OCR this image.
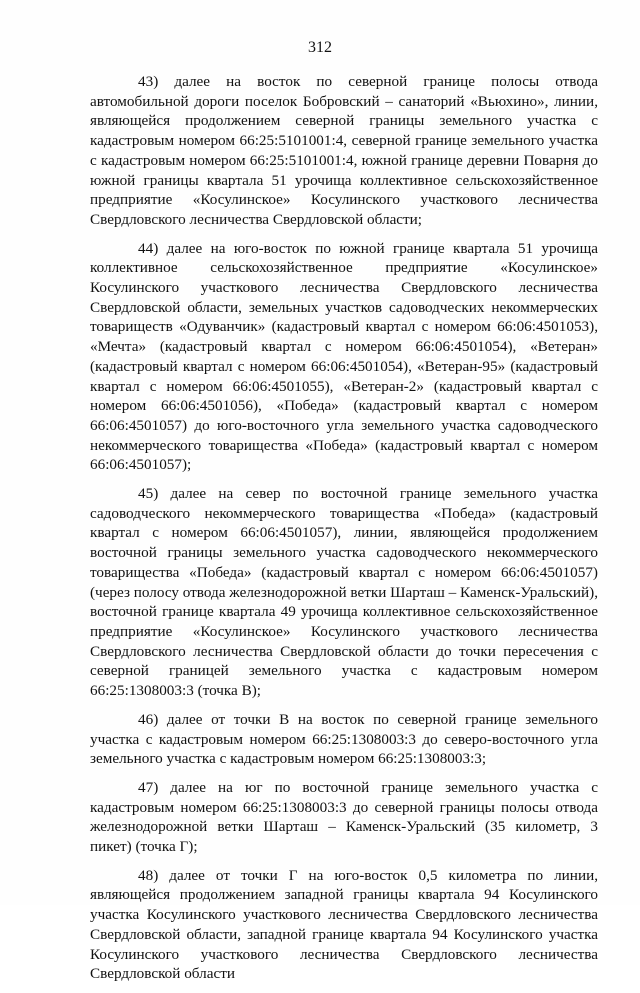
312

43) далее на восток по северной границе полосы отвода автомобильной дороги поселок Бобровский – санаторий «Вьюхино», линии, являющейся продолжением северной границы земельного участка с кадастровым номером 66:25:5101001:4, северной границе земельного участка с кадастровым номером 66:25:5101001:4, южной границе деревни Поварня до южной границы квартала 51 урочища коллективное сельскохозяйственное предприятие «Косулинское» Косулинского участкового лесничества Свердловского лесничества Свердловской области;

44) далее на юго-восток по южной границе квартала 51 урочища коллективное сельскохозяйственное предприятие «Косулинское» Косулинского участкового лесничества Свердловского лесничества Свердловской области, земельных участков садоводческих некоммерческих товариществ «Одуванчик» (кадастровый квартал с номером 66:06:4501053), «Мечта» (кадастровый квартал с номером 66:06:4501054), «Ветеран» (кадастровый квартал с номером 66:06:4501054), «Ветеран-95» (кадастровый квартал с номером 66:06:4501055), «Ветеран-2» (кадастровый квартал с номером 66:06:4501056), «Победа» (кадастровый квартал с номером 66:06:4501057) до юго-восточного угла земельного участка садоводческого некоммерческого товарищества «Победа» (кадастровый квартал с номером 66:06:4501057);

45) далее на север по восточной границе земельного участка садоводческого некоммерческого товарищества «Победа» (кадастровый квартал с номером 66:06:4501057), линии, являющейся продолжением восточной границы земельного участка садоводческого некоммерческого товарищества «Победа» (кадастровый квартал с номером 66:06:4501057) (через полосу отвода железнодорожной ветки Шарташ – Каменск-Уральский), восточной границе квартала 49 урочища коллективное сельскохозяйственное предприятие «Косулинское» Косулинского участкового лесничества Свердловского лесничества Свердловской области до точки пересечения с северной границей земельного участка с кадастровым номером 66:25:1308003:3 (точка В);

46) далее от точки В на восток по северной границе земельного участка с кадастровым номером 66:25:1308003:3 до северо-восточного угла земельного участка с кадастровым номером 66:25:1308003:3;

47) далее на юг по восточной границе земельного участка с кадастровым номером 66:25:1308003:3 до северной границы полосы отвода железнодорожной ветки Шарташ – Каменск-Уральский (35 километр, 3 пикет) (точка Г);

48) далее от точки Г на юго-восток 0,5 километра по линии, являющейся продолжением западной границы квартала 94 Косулинского участка Косулинского участкового лесничества Свердловского лесничества Свердловской области, западной границе квартала 94 Косулинского участка Косулинского участкового лесничества Свердловского лесничества Свердловской области
